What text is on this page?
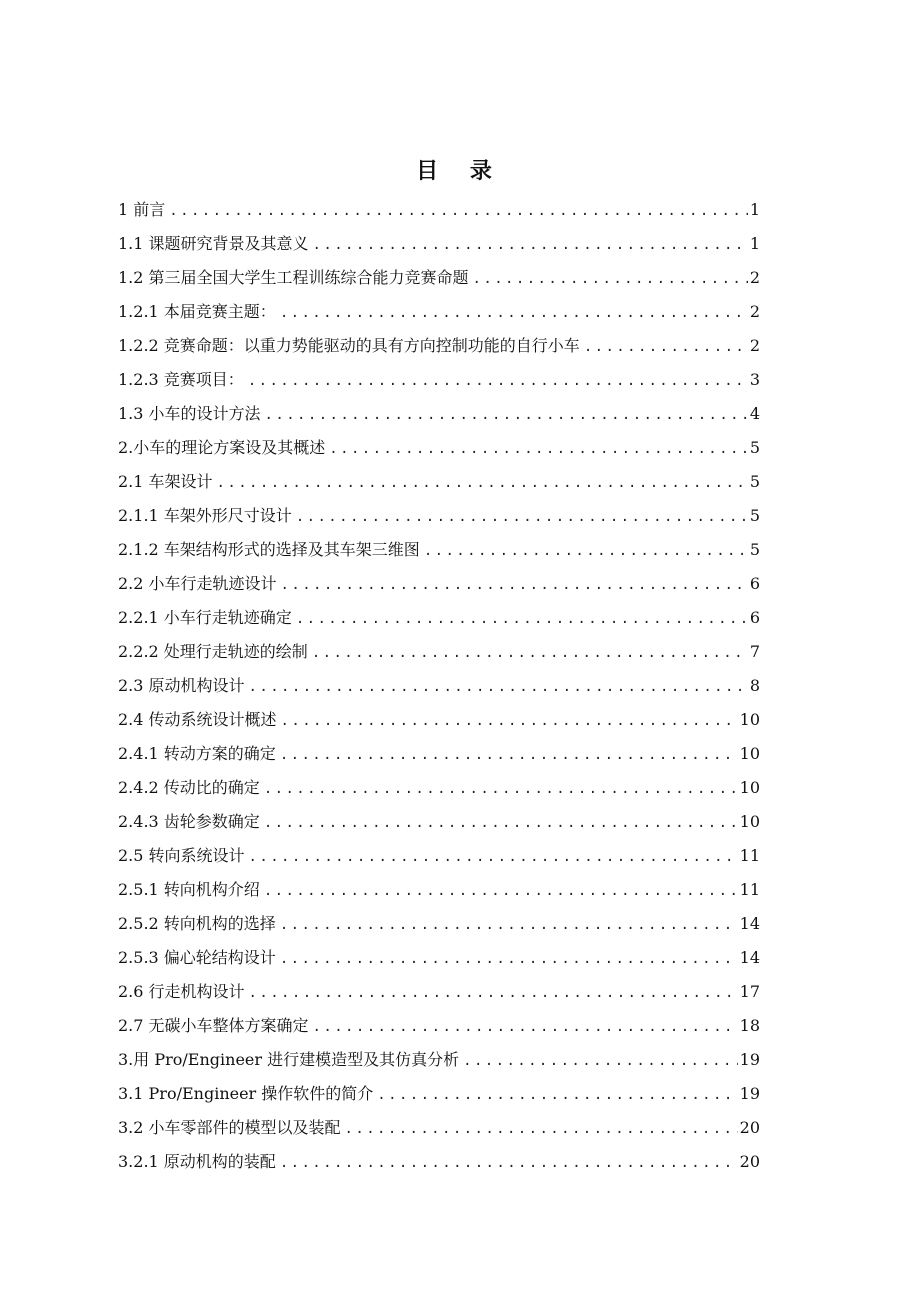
目 录
1 前言 .....	1
1.1 课题研究背景及其意义 .....	1
1.2 第三届全国大学生工程训练综合能力竞赛命题 .....	2
1.2.1 本届竞赛主题： .....	2
1.2.2 竞赛命题：以重力势能驱动的具有方向控制功能的自行小车 .....	2
1.2.3 竞赛项目： .....	3
1.3 小车的设计方法 .....	4
2.小车的理论方案设及其概述 .....	5
2.1 车架设计 .....	5
2.1.1 车架外形尺寸设计 .....	5
2.1.2 车架结构形式的选择及其车架三维图 .....	5
2.2 小车行走轨迹设计 .....	6
2.2.1 小车行走轨迹确定 .....	6
2.2.2 处理行走轨迹的绘制 .....	7
2.3 原动机构设计 .....	8
2.4 传动系统设计概述 .....	10
2.4.1 转动方案的确定 .....	10
2.4.2 传动比的确定 .....	10
2.4.3 齿轮参数确定 .....	10
2.5 转向系统设计 .....	11
2.5.1 转向机构介绍 .....	11
2.5.2 转向机构的选择 .....	14
2.5.3 偏心轮结构设计 .....	14
2.6 行走机构设计 .....	17
2.7 无碳小车整体方案确定 .....	18
3.用 Pro/Engineer 进行建模造型及其仿真分析 .....	19
3.1 Pro/Engineer 操作软件的简介 .....	19
3.2 小车零部件的模型以及装配 .....	20
3.2.1 原动机构的装配 .....	20
